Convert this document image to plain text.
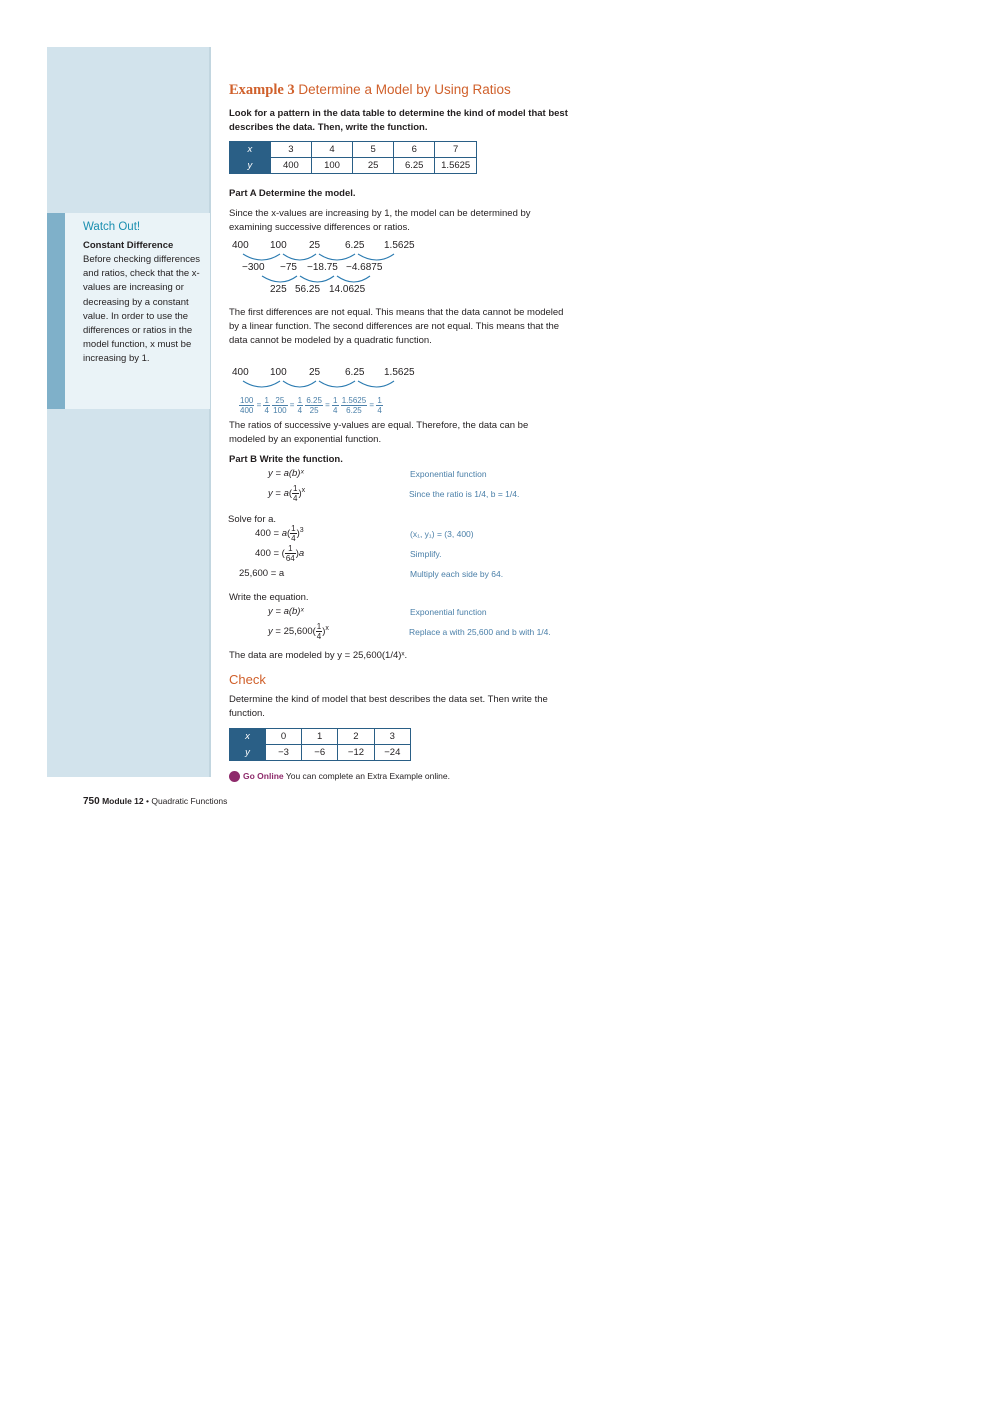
Watch Out!
Constant Difference
Before checking differences and ratios, check that the x-values are increasing or decreasing by a constant value. In order to use the differences or ratios in the model function, x must be increasing by 1.
Example 3 Determine a Model by Using Ratios
Look for a pattern in the data table to determine the kind of model that best describes the data. Then, write the function.
x	3	4	5	6	7
y	400	100	25	6.25	1.5625
Part A Determine the model.
Since the x-values are increasing by 1, the model can be determined by examining successive differences or ratios.
400 100 25 6.25 1.5625
−300 −75 −18.75 −4.6875
225 56.25 14.0625
The first differences are not equal. This means that the data cannot be modeled by a linear function. The second differences are not equal. This means that the data cannot be modeled by a quadratic function.
400 100 25 6.25 1.5625
$\frac{100}{400} = \frac{1}{4}$
$\frac{25}{100} = \frac{1}{4}$
$\frac{6.25}{25} = \frac{1}{4}$
$\frac{1.5625}{6.25} = \frac{1}{4}$
The ratios of successive y-values are equal. Therefore, the data can be modeled by an exponential function.
Part B Write the function.
y = a(b)ˣ	Exponential function
$y = a( \frac{1}{4} )^x$	Since the ratio is 1/4, b = 1/4.
Solve for a.
$400 = a( \frac{1}{4} )^3$	(x₁, y₁) = (3, 400)
400 = ( $\frac{1}{64} )a$	Simplify.
25,600 = a	Multiply each side by 64.
Write the equation.
y = a(b)ˣ	Exponential function
$y = 25,600( \frac{1}{4} )^x$	Replace a with 25,600 and b with 1/4.
The data are modeled by y = 25,600(1/4)ˣ.
Check
Determine the kind of model that best describes the data set. Then write the function.
x	0	1	2	3
y	−3	−6	−12	−24
Go Online You can complete an Extra Example online.
750 Module 12 • Quadratic Functions
